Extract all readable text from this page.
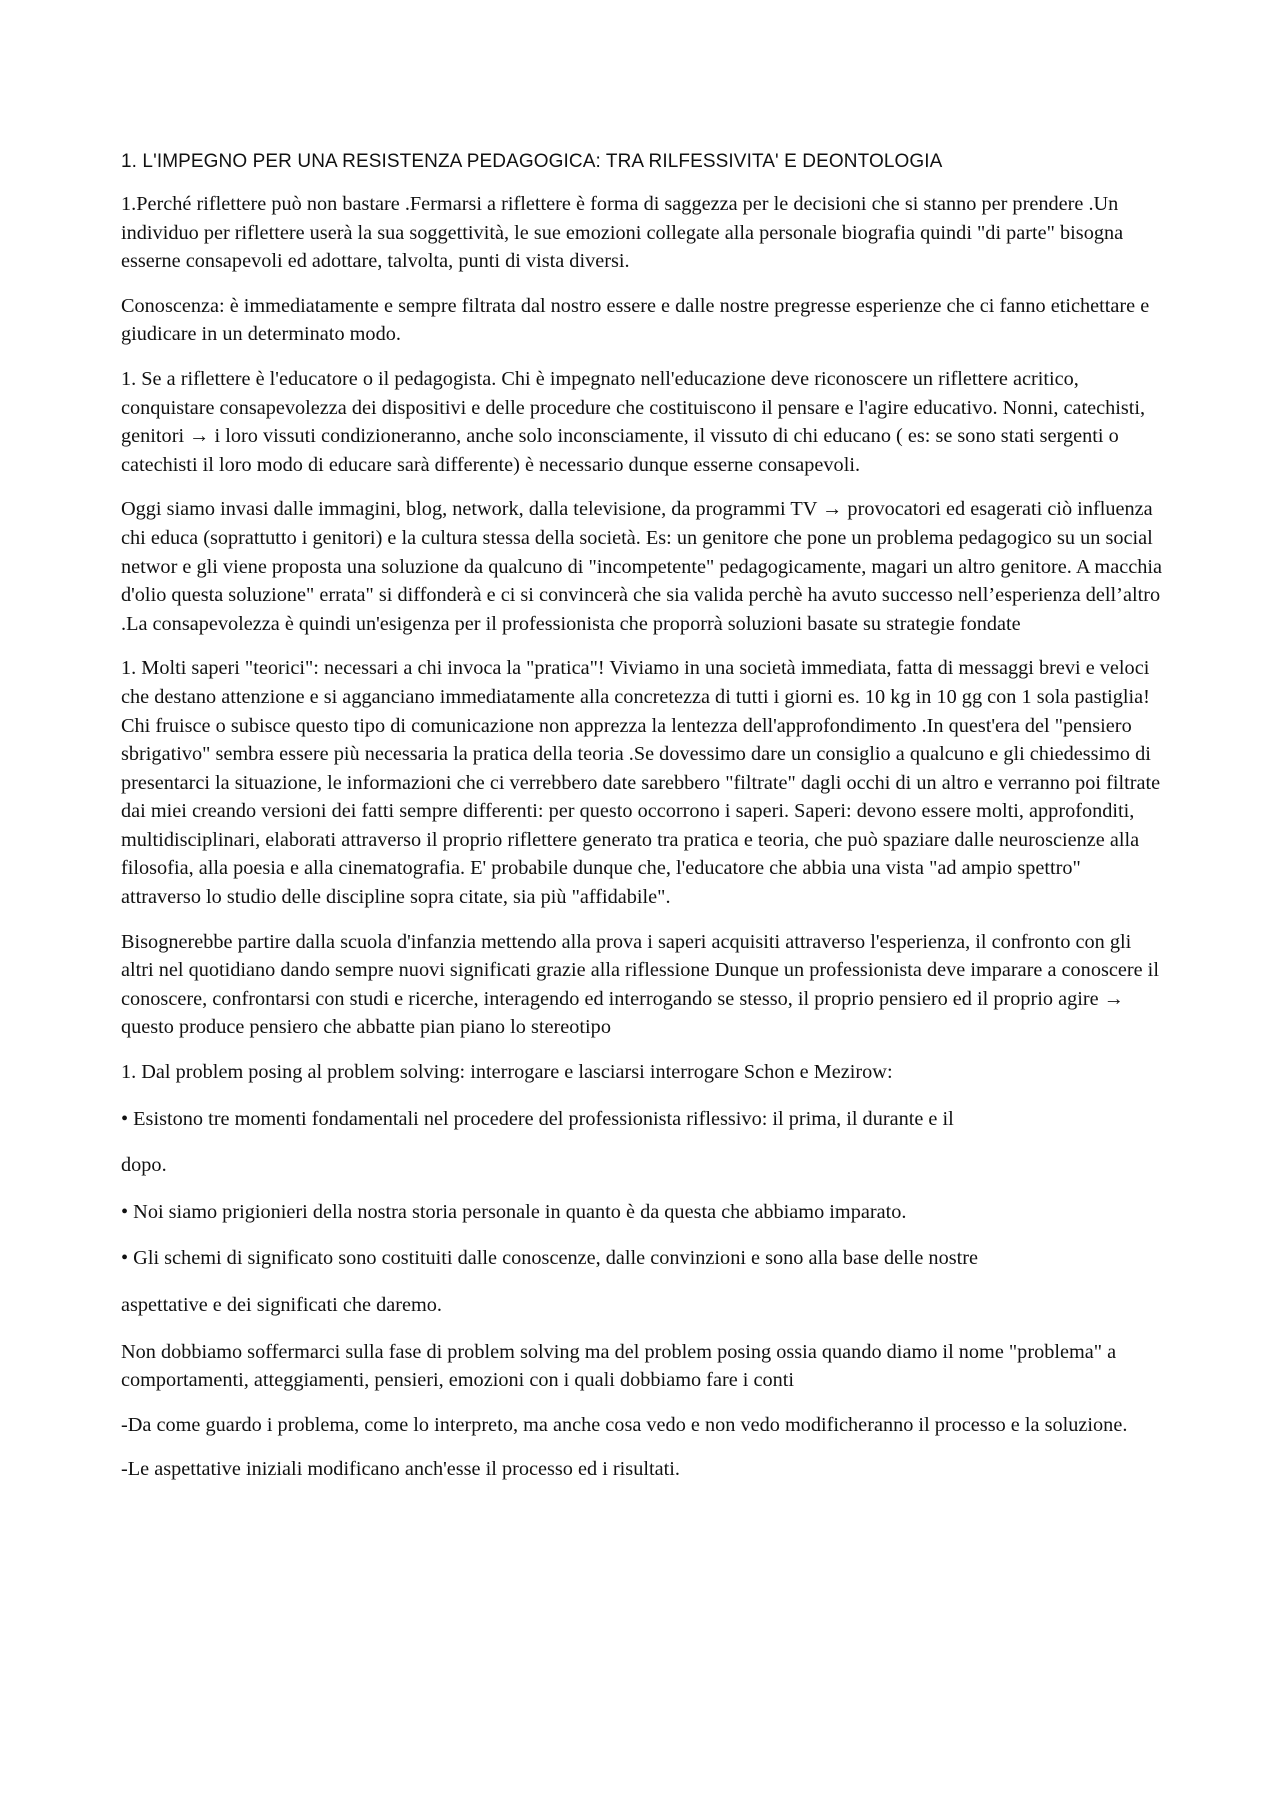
1. L'IMPEGNO PER UNA RESISTENZA PEDAGOGICA: TRA RILFESSIVITA' E DEONTOLOGIA

1.Perché riflettere può non bastare .Fermarsi a riflettere è forma di saggezza per le decisioni che si stanno per prendere .Un individuo per riflettere userà la sua soggettività, le sue emozioni collegate alla personale biografia quindi "di parte" bisogna esserne consapevoli ed adottare, talvolta, punti di vista diversi.

Conoscenza: è immediatamente e sempre filtrata dal nostro essere e dalle nostre pregresse esperienze che ci fanno etichettare e giudicare in un determinato modo.

1. Se a riflettere è l'educatore o il pedagogista. Chi è impegnato nell'educazione deve riconoscere un riflettere acritico, conquistare consapevolezza dei dispositivi e delle procedure che costituiscono il pensare e l'agire educativo. Nonni, catechisti, genitori → i loro vissuti condizioneranno, anche solo inconsciamente, il vissuto di chi educano ( es: se sono stati sergenti o catechisti il loro modo di educare sarà differente) è necessario dunque esserne consapevoli.

Oggi siamo invasi dalle immagini, blog, network, dalla televisione, da programmi TV → provocatori ed esagerati ciò influenza chi educa (soprattutto i genitori) e la cultura stessa della società. Es: un genitore che pone un problema pedagogico su un social networ e gli viene proposta una soluzione da qualcuno di "incompetente" pedagogicamente, magari un altro genitore. A macchia d'olio questa soluzione" errata" si diffonderà e ci si convincerà che sia valida perchè ha avuto successo nell’esperienza dell’altro .La consapevolezza è quindi un'esigenza per il professionista che proporrà soluzioni basate su strategie fondate

1. Molti saperi "teorici": necessari a chi invoca la "pratica"! Viviamo in una società immediata, fatta di messaggi brevi e veloci che destano attenzione e si agganciano immediatamente alla concretezza di tutti i giorni es. 10 kg in 10 gg con 1 sola pastiglia! Chi fruisce o subisce questo tipo di comunicazione non apprezza la lentezza dell'approfondimento .In quest'era del "pensiero sbrigativo" sembra essere più necessaria la pratica della teoria .Se dovessimo dare un consiglio a qualcuno e gli chiedessimo di presentarci la situazione, le informazioni che ci verrebbero date sarebbero "filtrate" dagli occhi di un altro e verranno poi filtrate dai miei creando versioni dei fatti sempre differenti: per questo occorrono i saperi. Saperi: devono essere molti, approfonditi, multidisciplinari, elaborati attraverso il proprio riflettere generato tra pratica e teoria, che può spaziare dalle neuroscienze alla filosofia, alla poesia e alla cinematografia. E' probabile dunque che, l'educatore che abbia una vista "ad ampio spettro" attraverso lo studio delle discipline sopra citate, sia più "affidabile".

Bisognerebbe partire dalla scuola d'infanzia mettendo alla prova i saperi acquisiti attraverso l'esperienza, il confronto con gli altri nel quotidiano dando sempre nuovi significati grazie alla riflessione Dunque un professionista deve imparare a conoscere il conoscere, confrontarsi con studi e ricerche, interagendo ed interrogando se stesso, il proprio pensiero ed il proprio agire → questo produce pensiero che abbatte pian piano lo stereotipo

1. Dal problem posing al problem solving: interrogare e lasciarsi interrogare Schon e Mezirow:

• Esistono tre momenti fondamentali nel procedere del professionista riflessivo: il prima, il durante e il

dopo.

• Noi siamo prigionieri della nostra storia personale in quanto è da questa che abbiamo imparato.

• Gli schemi di significato sono costituiti dalle conoscenze, dalle convinzioni e sono alla base delle nostre

aspettative e dei significati che daremo.

Non dobbiamo soffermarci sulla fase di problem solving ma del problem posing ossia quando diamo il nome "problema" a comportamenti, atteggiamenti, pensieri, emozioni con i quali dobbiamo fare i conti

-Da come guardo i problema, come lo interpreto, ma anche cosa vedo e non vedo modificheranno il processo e la soluzione.

-Le aspettative iniziali modificano anch'esse il processo ed i risultati.
